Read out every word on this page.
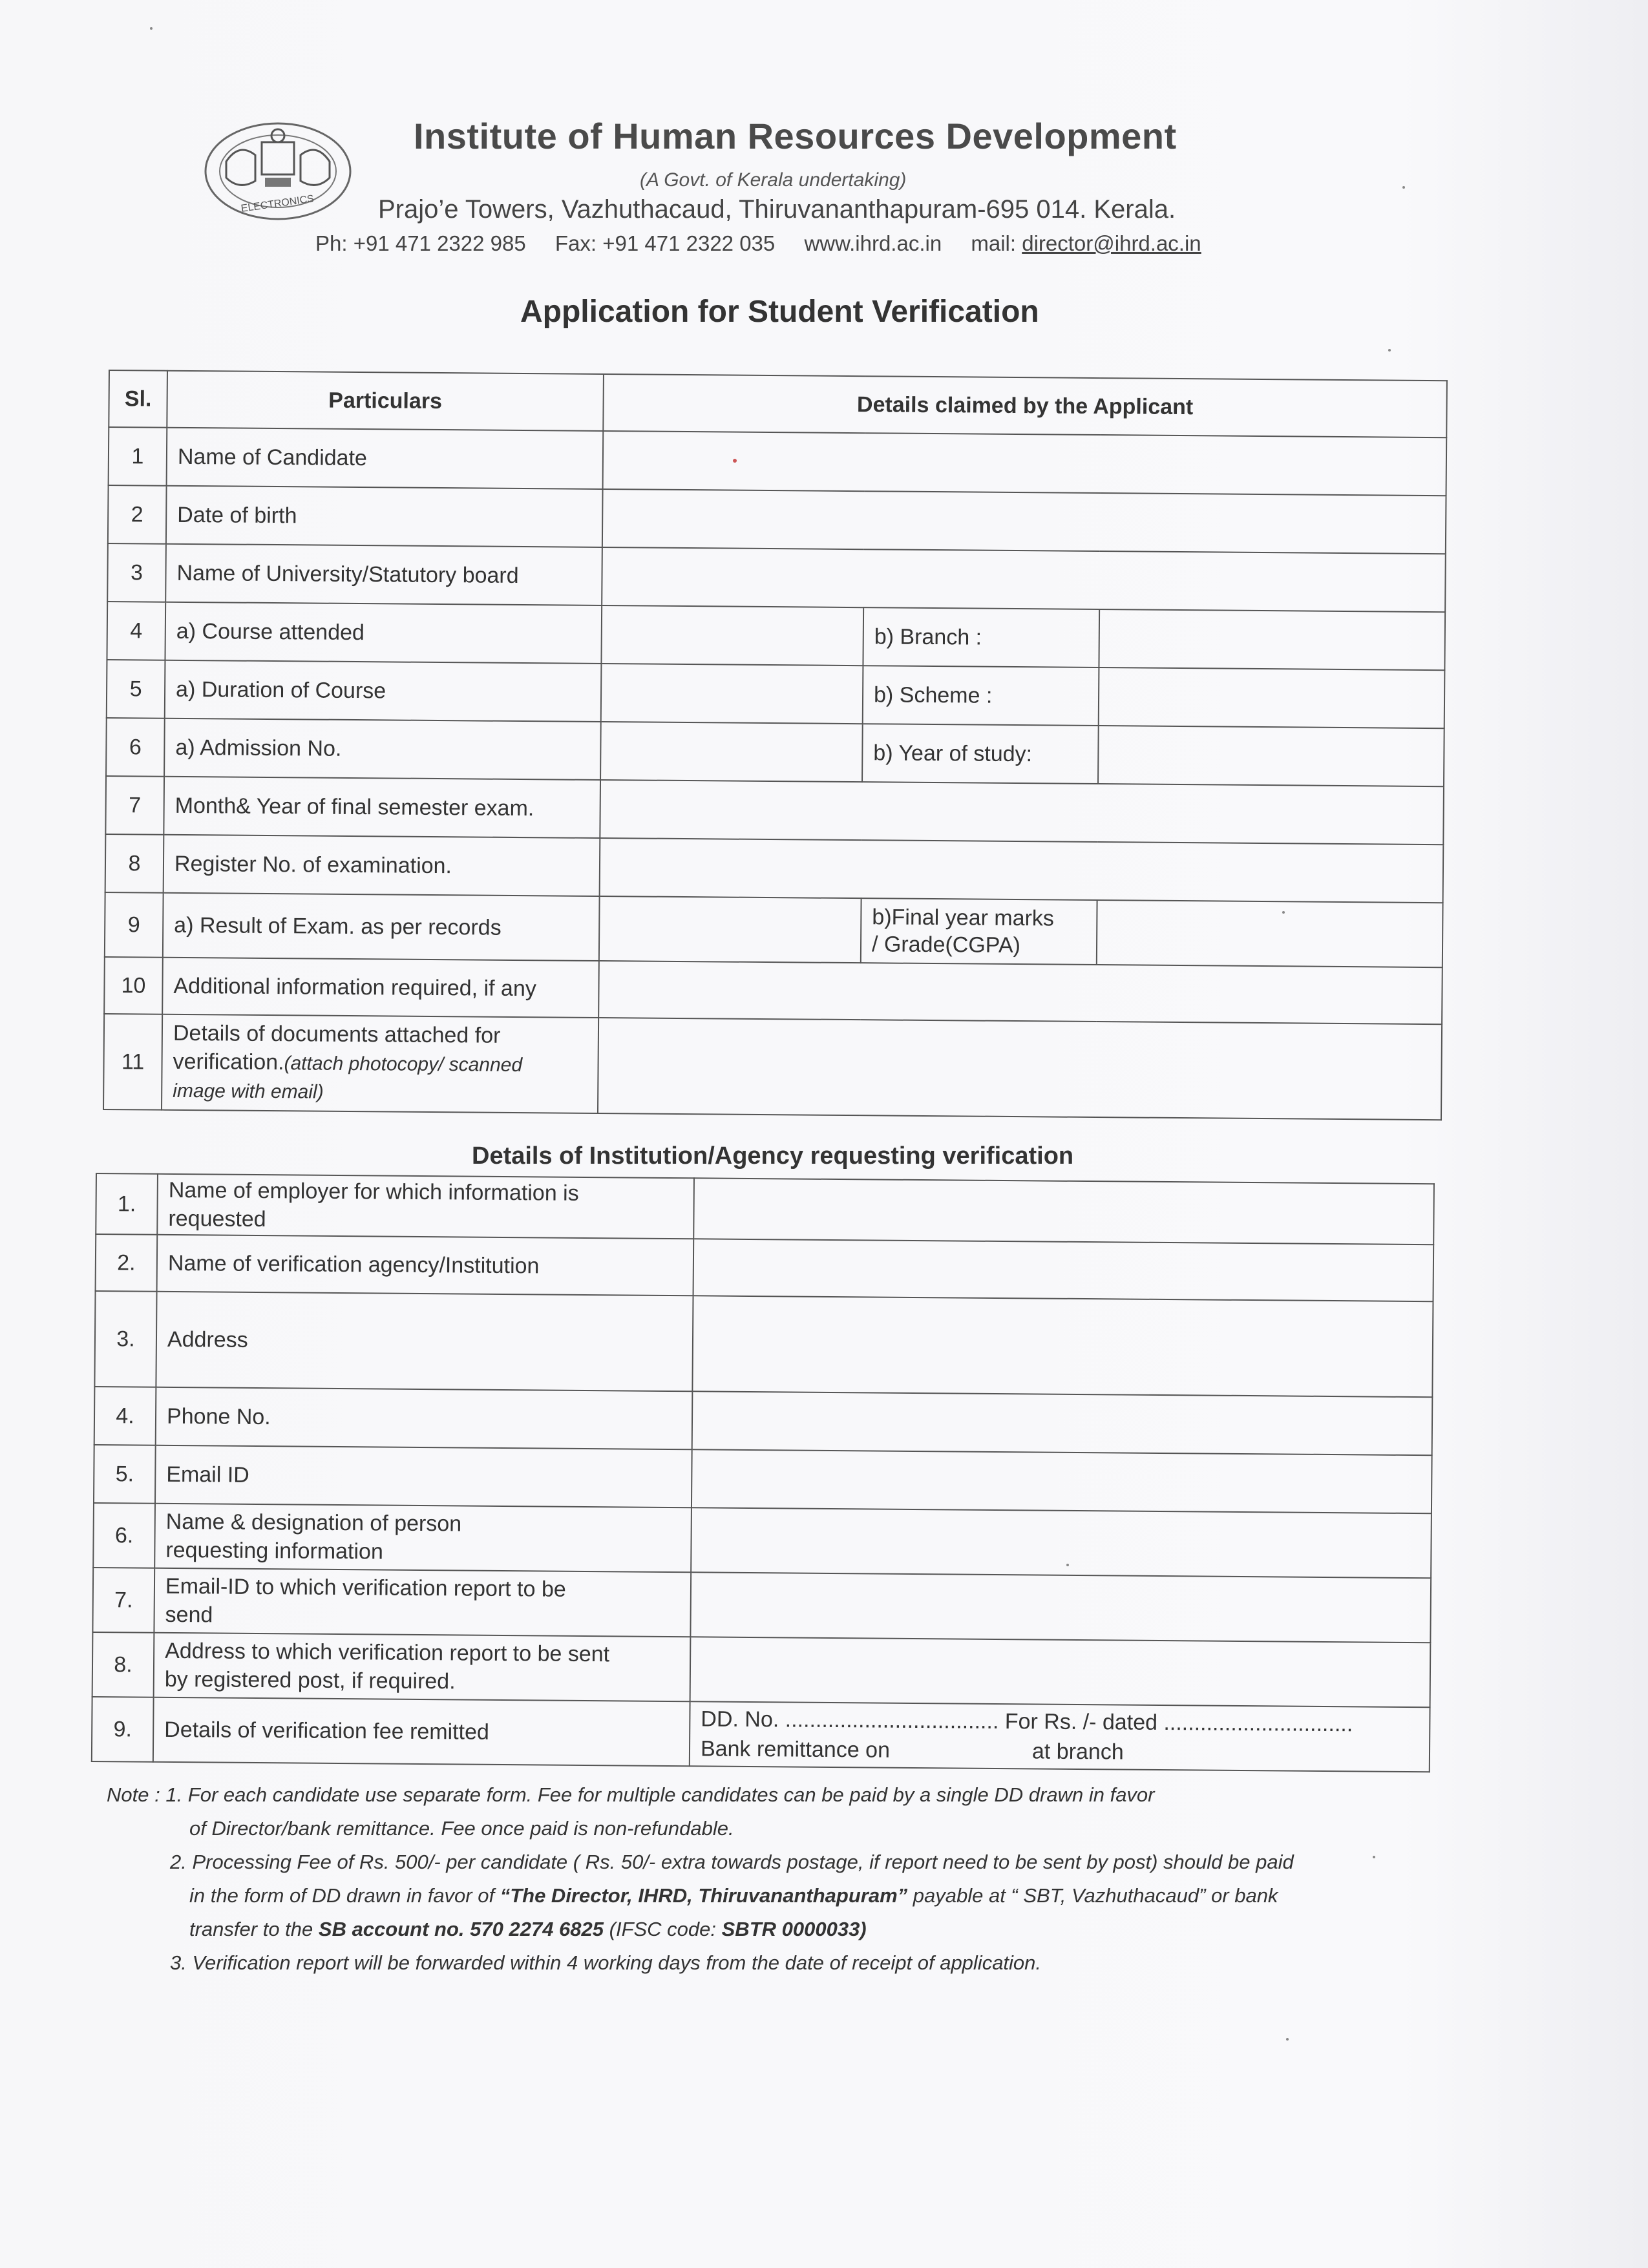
ELECTRONICS
Institute of Human Resources Development
(A Govt. of Kerala undertaking)
Prajo’e Towers, Vazhuthacaud, Thiruvananthapuram-695 014. Kerala.
Ph: +91 471 2322 985 Fax: +91 471 2322 035 www.ihrd.ac.in mail: director@ihrd.ac.in
Application for Student Verification
Sl.	Particulars	Details claimed by the Applicant		
1	Name of Candidate			
2	Date of birth			
3	Name of University/Statutory board			
4	a) Course attended		b) Branch :	
5	a) Duration of Course		b) Scheme :	
6	a) Admission No.		b) Year of study:	
7	Month& Year of final semester exam.			
8	Register No. of examination.			
9	a) Result of Exam. as per records		b)Final year marks
/ Grade(CGPA)	

10	Additional information required, if any			
11	Details of documents attached for
verification.(attach photocopy/ scanned
image with email)			

Details of Institution/Agency requesting verification
1.	Name of employer for which information is
requested	

2.	Name of verification agency/Institution	
3.	Address	
4.	Phone No.	
5.	Email ID	
6.	Name & designation of person
requesting information	

7.	Email-ID to which verification report to be
send	

8.	Address to which verification report to be sent
by registered post, if required.	

9.	Details of verification fee remitted	DD. No. ................................... For Rs. /- dated ...............................
Bank remittance on at branch
Note : 1. For each candidate use separate form. Fee for multiple candidates can be paid by a single DD drawn in favor
of Director/bank remittance. Fee once paid is non-refundable.
2. Processing Fee of Rs. 500/- per candidate ( Rs. 50/- extra towards postage, if report need to be sent by post) should be paid
in the form of DD drawn in favor of “The Director, IHRD, Thiruvananthapuram” payable at “ SBT, Vazhuthacaud” or bank
transfer to the SB account no. 570 2274 6825 (IFSC code: SBTR 0000033)
3. Verification report will be forwarded within 4 working days from the date of receipt of application.
